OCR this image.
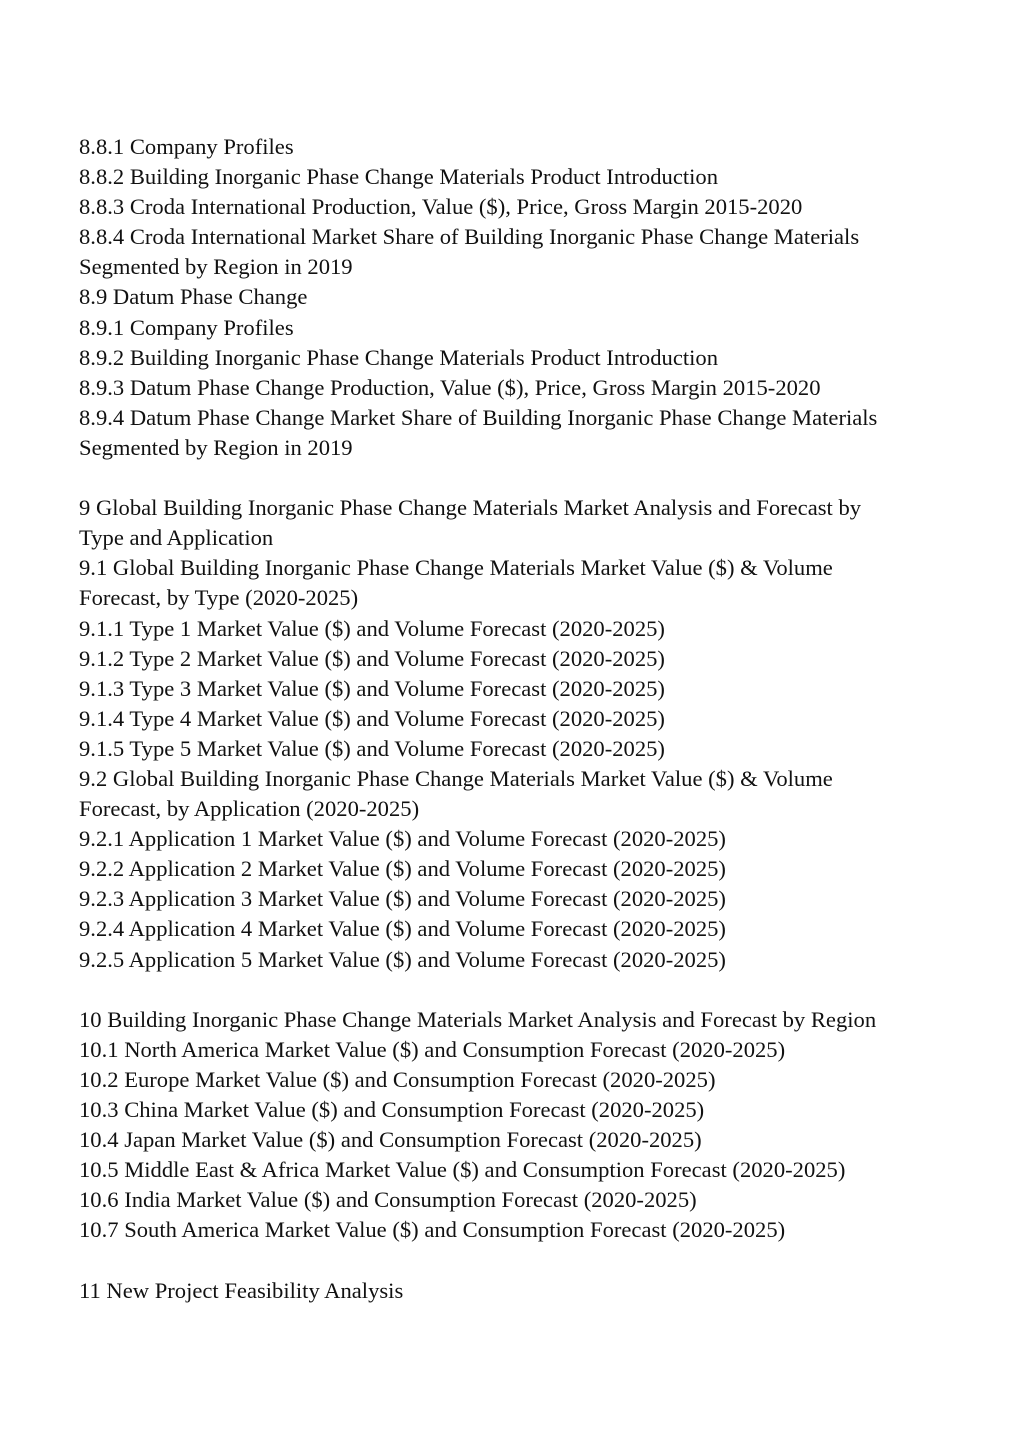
8.8.1 Company Profiles
8.8.2 Building Inorganic Phase Change Materials Product Introduction
8.8.3 Croda International Production, Value ($), Price, Gross Margin 2015-2020
8.8.4 Croda International Market Share of Building Inorganic Phase Change Materials
Segmented by Region in 2019
8.9 Datum Phase Change
8.9.1 Company Profiles
8.9.2 Building Inorganic Phase Change Materials Product Introduction
8.9.3 Datum Phase Change Production, Value ($), Price, Gross Margin 2015-2020
8.9.4 Datum Phase Change Market Share of Building Inorganic Phase Change Materials
Segmented by Region in 2019
9 Global Building Inorganic Phase Change Materials Market Analysis and Forecast by
Type and Application
9.1 Global Building Inorganic Phase Change Materials Market Value ($) & Volume
Forecast, by Type (2020-2025)
9.1.1 Type 1 Market Value ($) and Volume Forecast (2020-2025)
9.1.2 Type 2 Market Value ($) and Volume Forecast (2020-2025)
9.1.3 Type 3 Market Value ($) and Volume Forecast (2020-2025)
9.1.4 Type 4 Market Value ($) and Volume Forecast (2020-2025)
9.1.5 Type 5 Market Value ($) and Volume Forecast (2020-2025)
9.2 Global Building Inorganic Phase Change Materials Market Value ($) & Volume
Forecast, by Application (2020-2025)
9.2.1 Application 1 Market Value ($) and Volume Forecast (2020-2025)
9.2.2 Application 2 Market Value ($) and Volume Forecast (2020-2025)
9.2.3 Application 3 Market Value ($) and Volume Forecast (2020-2025)
9.2.4 Application 4 Market Value ($) and Volume Forecast (2020-2025)
9.2.5 Application 5 Market Value ($) and Volume Forecast (2020-2025)
10 Building Inorganic Phase Change Materials Market Analysis and Forecast by Region
10.1 North America Market Value ($) and Consumption Forecast (2020-2025)
10.2 Europe Market Value ($) and Consumption Forecast (2020-2025)
10.3 China Market Value ($) and Consumption Forecast (2020-2025)
10.4 Japan Market Value ($) and Consumption Forecast (2020-2025)
10.5 Middle East & Africa Market Value ($) and Consumption Forecast (2020-2025)
10.6 India Market Value ($) and Consumption Forecast (2020-2025)
10.7 South America Market Value ($) and Consumption Forecast (2020-2025)
11 New Project Feasibility Analysis
